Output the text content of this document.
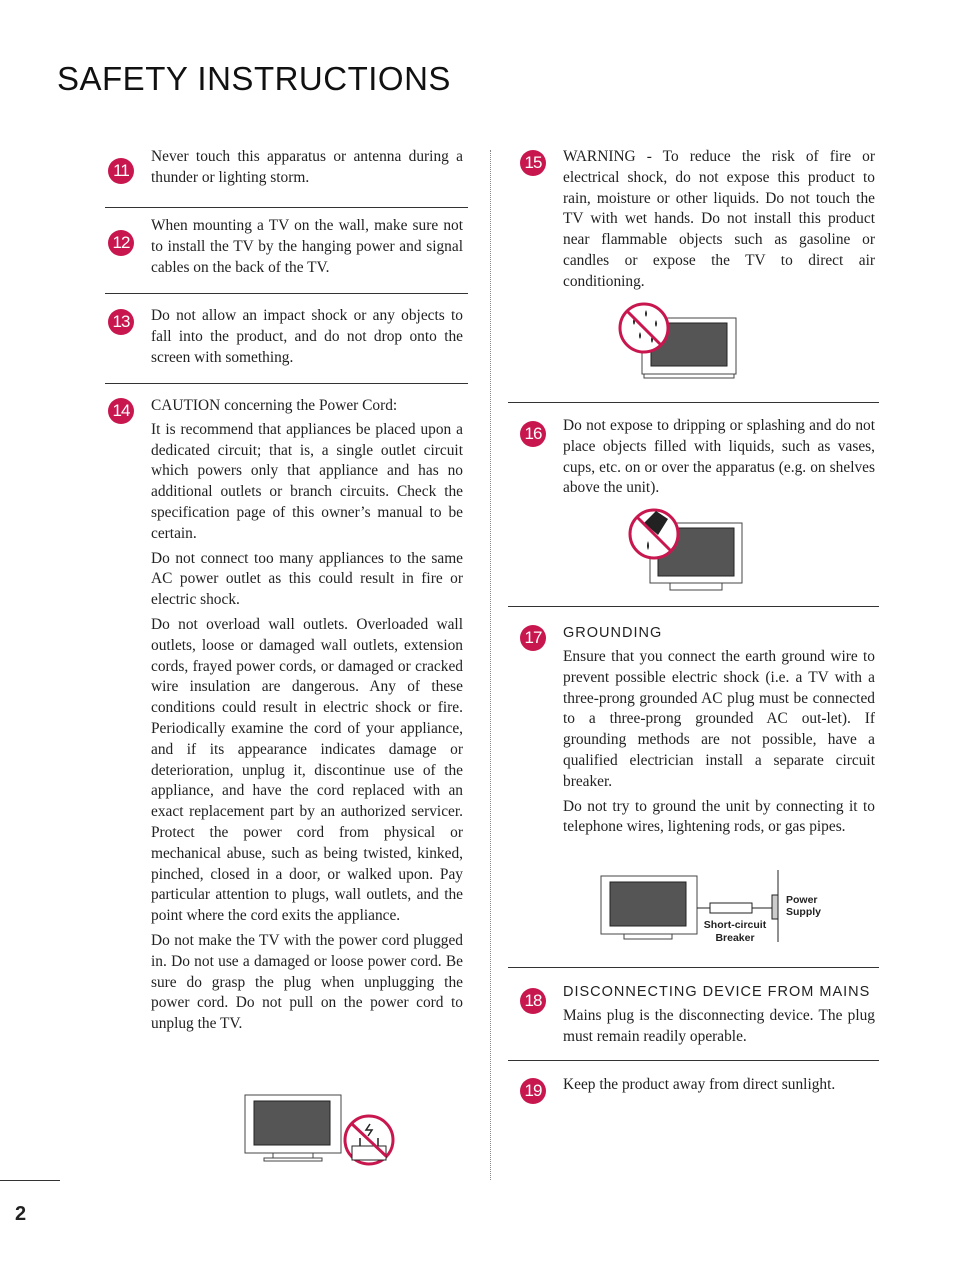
SAFETY INSTRUCTIONS
11

Never touch this apparatus or antenna during a thunder or lighting storm.

12

When mounting a TV on the wall, make sure not to install the TV by the hanging power and signal cables on the back of the TV.

13 Do not allow an impact shock or any objects to fall into the product, and do not drop onto the screen with something.

14 CAUTION concerning the Power Cord:

It is recommend that appliances be placed upon a dedicated circuit; that is, a single outlet circuit which powers only that appliance and has no additional outlets or branch circuits. Check the specification page of this owner’s manual to be certain.

Do not connect too many appliances to the same AC power outlet as this could result in fire or electric shock.

Do not overload wall outlets. Overloaded wall outlets, loose or damaged wall outlets, extension cords, frayed power cords, or damaged or cracked wire insulation are dangerous. Any of these conditions could result in electric shock or fire. Periodically examine the cord of your appliance, and if its appearance indicates damage or deterioration, unplug it, discontinue use of the appliance, and have the cord replaced with an exact replacement part by an authorized servicer. Protect the power cord from physical or mechanical abuse, such as being twisted, kinked, pinched, closed in a door, or walked upon. Pay particular attention to plugs, wall outlets, and the point where the cord exits the appliance.

Do not make the TV with the power cord plugged in. Do not use a damaged or loose power cord. Be sure do grasp the plug when unplugging the power cord. Do not pull on the power cord to unplug the TV.

15 WARNING - To reduce the risk of fire or electrical shock, do not expose this product to rain, moisture or other liquids. Do not touch the TV with wet hands. Do not install this product near flammable objects such as gasoline or candles or expose the TV to direct air conditioning.

16 Do not expose to dripping or splashing and do not place objects filled with liquids, such as vases, cups, etc. on or over the apparatus (e.g. on shelves above the unit).

17	GROUNDING

Ensure that you connect the earth ground wire to prevent possible electric shock (i.e. a TV with a three-prong grounded AC plug must be connected to a three-prong grounded AC out-let). If grounding methods are not possible, have a qualified electrician install a separate circuit breaker.

Do not try to ground the unit by connecting it to telephone wires, lightening rods, or gas pipes.

Power
Supply
Short-circuit
Breaker
18	DISCONNECTING DEVICE FROM MAINS

Mains plug is the disconnecting device. The plug must remain readily operable.

19 Keep the product away from direct sunlight.

2
